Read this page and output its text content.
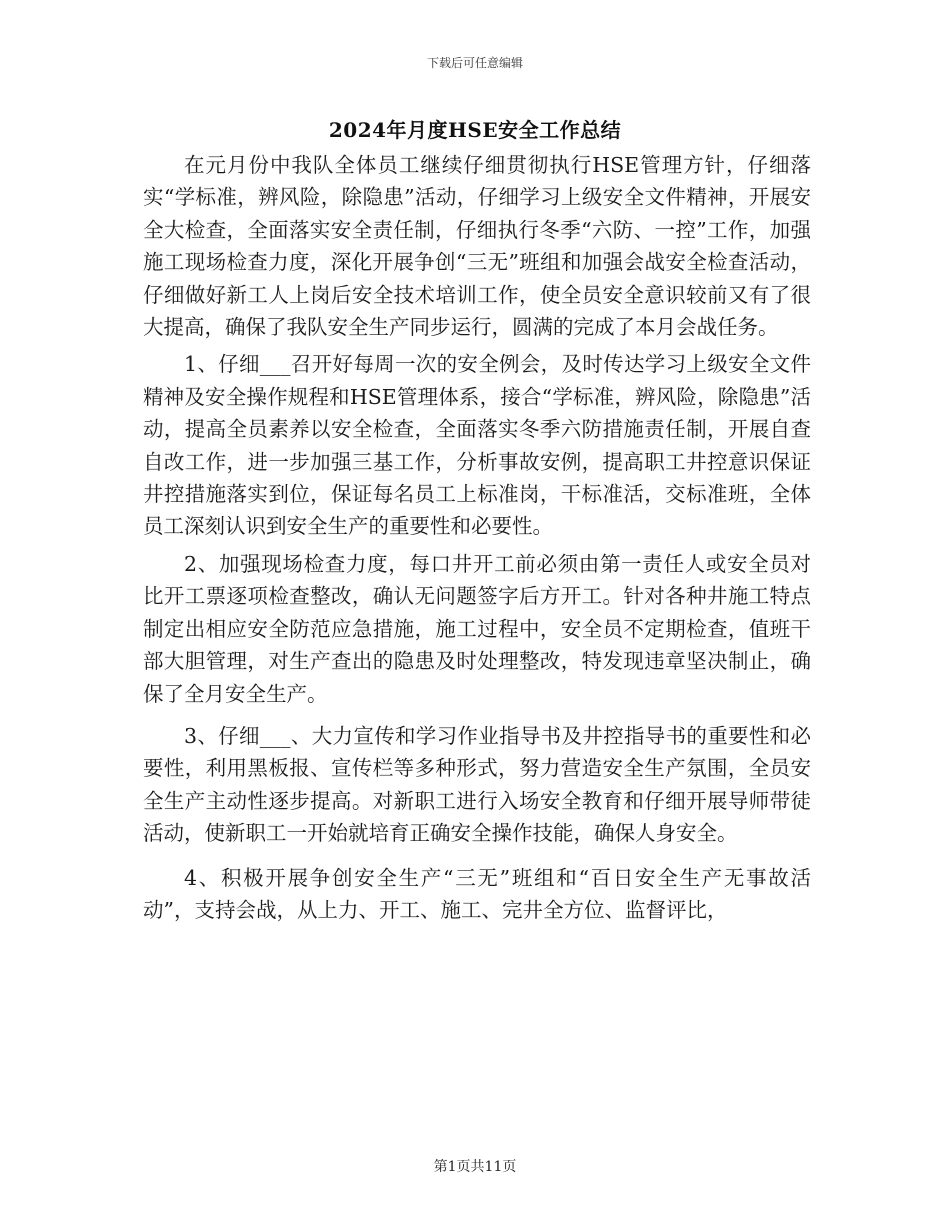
下载后可任意编辑
2024年月度HSE安全工作总结

在元月份中我队全体员工继续仔细贯彻执行HSE管理方针，仔细落实“学标准，辨风险，除隐患”活动，仔细学习上级安全文件精神，开展安全大检查，全面落实安全责任制，仔细执行冬季“六防、一控”工作，加强施工现场检查力度，深化开展争创“三无”班组和加强会战安全检查活动，仔细做好新工人上岗后安全技术培训工作，使全员安全意识较前又有了很大提高，确保了我队安全生产同步运行，圆满的完成了本月会战任务。

1、仔细___召开好每周一次的安全例会，及时传达学习上级安全文件精神及安全操作规程和HSE管理体系，接合“学标准，辨风险，除隐患”活动，提高全员素养以安全检查，全面落实冬季六防措施责任制，开展自查自改工作，进一步加强三基工作，分析事故安例，提高职工井控意识保证井控措施落实到位，保证每名员工上标准岗，干标准活，交标准班，全体员工深刻认识到安全生产的重要性和必要性。

2、加强现场检查力度，每口井开工前必须由第一责任人或安全员对比开工票逐项检查整改，确认无问题签字后方开工。针对各种井施工特点制定出相应安全防范应急措施，施工过程中，安全员不定期检查，值班干部大胆管理，对生产查出的隐患及时处理整改，特发现违章坚决制止，确保了全月安全生产。

3、仔细___、大力宣传和学习作业指导书及井控指导书的重要性和必要性，利用黑板报、宣传栏等多种形式，努力营造安全生产氛围，全员安全生产主动性逐步提高。对新职工进行入场安全教育和仔细开展导师带徒活动，使新职工一开始就培育正确安全操作技能，确保人身安全。

4、积极开展争创安全生产“三无”班组和“百日安全生产无事故活动”，支持会战，从上力、开工、施工、完井全方位、监督评比，

第1页共11页
